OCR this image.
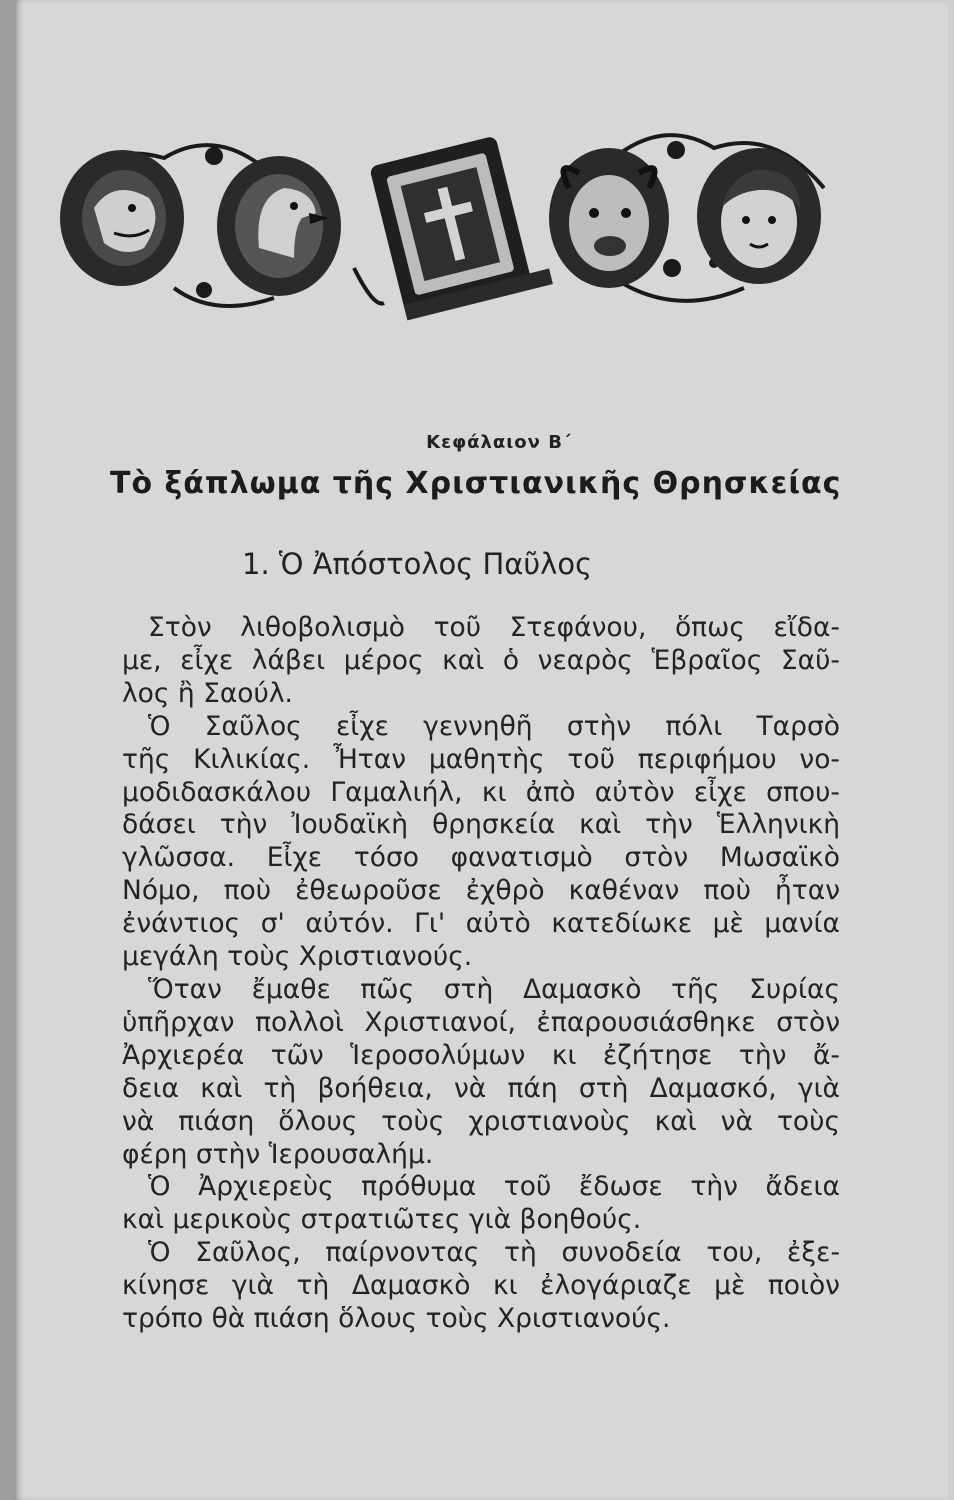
Κεφάλαιον Β΄
Τὸ ξάπλωμα τῆς Χριστιανικῆς Θρησκείας
1. Ὁ Ἀπόστολος Παῦλος
Στὸν λιθοβολισμὸ τοῦ Στεφάνου, ὅπως εἴδα-
με, εἶχε λάβει μέρος καὶ ὁ νεαρὸς Ἑβραῖος Σαῦ-
λος ἢ Σαούλ.
Ὁ Σαῦλος εἶχε γεννηθῆ στὴν πόλι Ταρσὸ
τῆς Κιλικίας. Ἦταν μαθητὴς τοῦ περιφήμου νο-
μοδιδασκάλου Γαμαλιήλ, κι ἀπὸ αὐτὸν εἶχε σπου-
δάσει τὴν Ἰουδαϊκὴ θρησκεία καὶ τὴν Ἑλληνικὴ
γλῶσσα. Εἶχε τόσο φανατισμὸ στὸν Μωσαϊκὸ
Νόμο, ποὺ ἐθεωροῦσε ἐχθρὸ καθέναν ποὺ ἦταν
ἐνάντιος σ' αὐτόν. Γι' αὐτὸ κατεδίωκε μὲ μανία
μεγάλη τοὺς Χριστιανούς.
Ὅταν ἔμαθε πῶς στὴ Δαμασκὸ τῆς Συρίας
ὑπῆρχαν πολλοὶ Χριστιανοί, ἐπαρουσιάσθηκε στὸν
Ἀρχιερέα τῶν Ἱεροσολύμων κι ἐζήτησε τὴν ἄ-
δεια καὶ τὴ βοήθεια, νὰ πάη στὴ Δαμασκό, γιὰ
νὰ πιάση ὅλους τοὺς χριστιανοὺς καὶ νὰ τοὺς
φέρη στὴν Ἱερουσαλήμ.
Ὁ Ἀρχιερεὺς πρόθυμα τοῦ ἔδωσε τὴν ἄδεια
καὶ μερικοὺς στρατιῶτες γιὰ βοηθούς.
Ὁ Σαῦλος, παίρνοντας τὴ συνοδεία του, ἐξε-
κίνησε γιὰ τὴ Δαμασκὸ κι ἐλογάριαζε μὲ ποιὸν
τρόπο θὰ πιάση ὅλους τοὺς Χριστιανούς.
